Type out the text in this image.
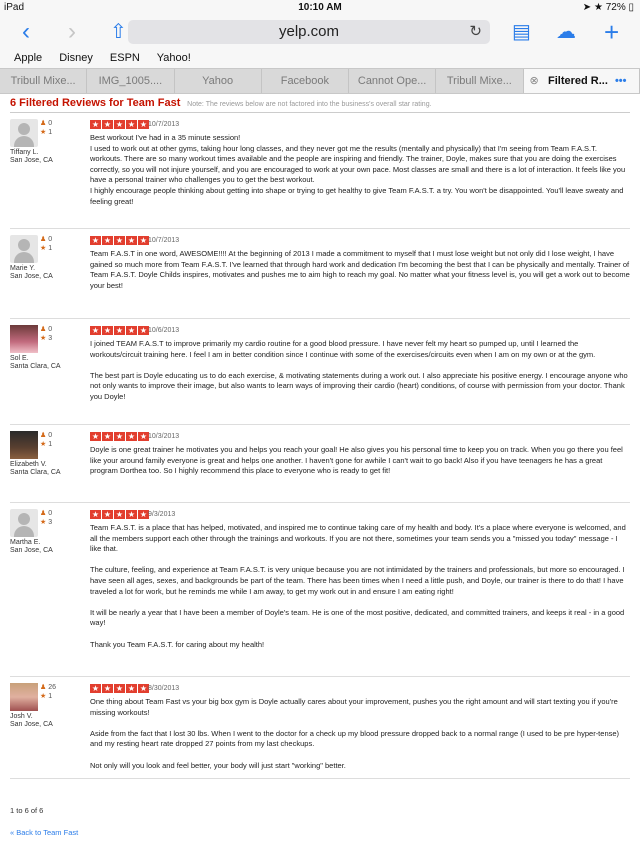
iPad	10:10 AM	➤ ★ 72% ▯
‹ › ⇧	yelp.com	↻ ▤ ☁ +
Apple Disney ESPN Yahoo!
Tribull Mixe...	IMG_1005....	Yahoo	Facebook	Cannot Ope...	Tribull Mixe...	⊗ Filtered R... •••
6 Filtered Reviews for Team Fast Note: The reviews below are not factored into the business's overall star rating.
♟ 0
★ 1
Tiffany L.
San Jose, CA
★ ★ ★ ★ ★ 10/7/2013

Best workout I've had in a 35 minute session!
I used to work out at other gyms, taking hour long classes, and they never got me the results (mentally and physically) that I'm seeing from Team F.A.S.T. workouts. There are so many workout times available and the people are inspiring and friendly. The trainer, Doyle, makes sure that you are doing the exercises correctly, so you will not injure yourself, and you are encouraged to work at your own pace. Most classes are small and there is a lot of interaction. It feels like you have a personal trainer who challenges you to get the best workout.
I highly encourage people thinking about getting into shape or trying to get healthy to give Team F.A.S.T. a try. You won't be disappointed. You'll leave sweaty and feeling great!

♟ 0
★ 1
Marie Y.
San Jose, CA
★ ★ ★ ★ ★ 10/7/2013

Team F.A.S.T in one word, AWESOME!!!! At the beginning of 2013 I made a commitment to myself that I must lose weight but not only did I lose weight, I have gained so much more from Team F.A.S.T. I've learned that through hard work and dedication I'm becoming the best that I can be physically and mentally. Trainer of Team F.A.S.T. Doyle Childs inspires, motivates and pushes me to aim high to reach my goal. No matter what your fitness level is, you will get a work out to become your best!

♟ 0
★ 3
Sol E.
Santa Clara, CA
★ ★ ★ ★ ★ 10/6/2013

I joined TEAM F.A.S.T to improve primarily my cardio routine for a good blood pressure. I have never felt my heart so pumped up, until I learned the workouts/circuit training here. I feel I am in better condition since I continue with some of the exercises/circuits even when I am on my own or at the gym.

The best part is Doyle educating us to do each exercise, & motivating statements during a work out. I also appreciate his positive energy. I encourage anyone who not only wants to improve their image, but also wants to learn ways of improving their cardio (heart) conditions, of course with permission from your doctor. Thank you Doyle!

♟ 0
★ 1
Elizabeth V.
Santa Clara, CA
★ ★ ★ ★ ★ 10/3/2013

Doyle is one great trainer he motivates you and helps you reach your goal! He also gives you his personal time to keep you on track. When you go there you feel like your around family everyone is great and helps one another. I haven't gone for awhile I can't wait to go back! Also if you have teenagers he has a great program Dorthea too. So I highly recommend this place to everyone who is ready to get fit!

♟ 0
★ 3
Martha E.
San Jose, CA
★ ★ ★ ★ ★ 9/3/2013

Team F.A.S.T. is a place that has helped, motivated, and inspired me to continue taking care of my health and body. It's a place where everyone is welcomed, and all the members support each other through the trainings and workouts. If you are not there, sometimes your team sends you a "missed you today" message - I like that.

The culture, feeling, and experience at Team F.A.S.T. is very unique because you are not intimidated by the trainers and professionals, but more so encouraged. I have seen all ages, sexes, and backgrounds be part of the team. There has been times when I need a little push, and Doyle, our trainer is there to do that! I have traveled a lot for work, but he reminds me while I am away, to get my work out in and ensure I am eating right!

It will be nearly a year that I have been a member of Doyle's team. He is one of the most positive, dedicated, and committed trainers, and keeps it real - in a good way!

Thank you Team F.A.S.T. for caring about my health!

♟ 26
★ 1
Josh V.
San Jose, CA
★ ★ ★ ★ ★ 8/30/2013

One thing about Team Fast vs your big box gym is Doyle actually cares about your improvement, pushes you the right amount and will start texting you if you're missing workouts!

Aside from the fact that I lost 30 lbs. When I went to the doctor for a check up my blood pressure dropped back to a normal range (I used to be pre hyper-tense) and my resting heart rate dropped 27 points from my last checkups.

Not only will you look and feel better, your body will just start "working" better.

1 to 6 of 6
« Back to Team Fast
